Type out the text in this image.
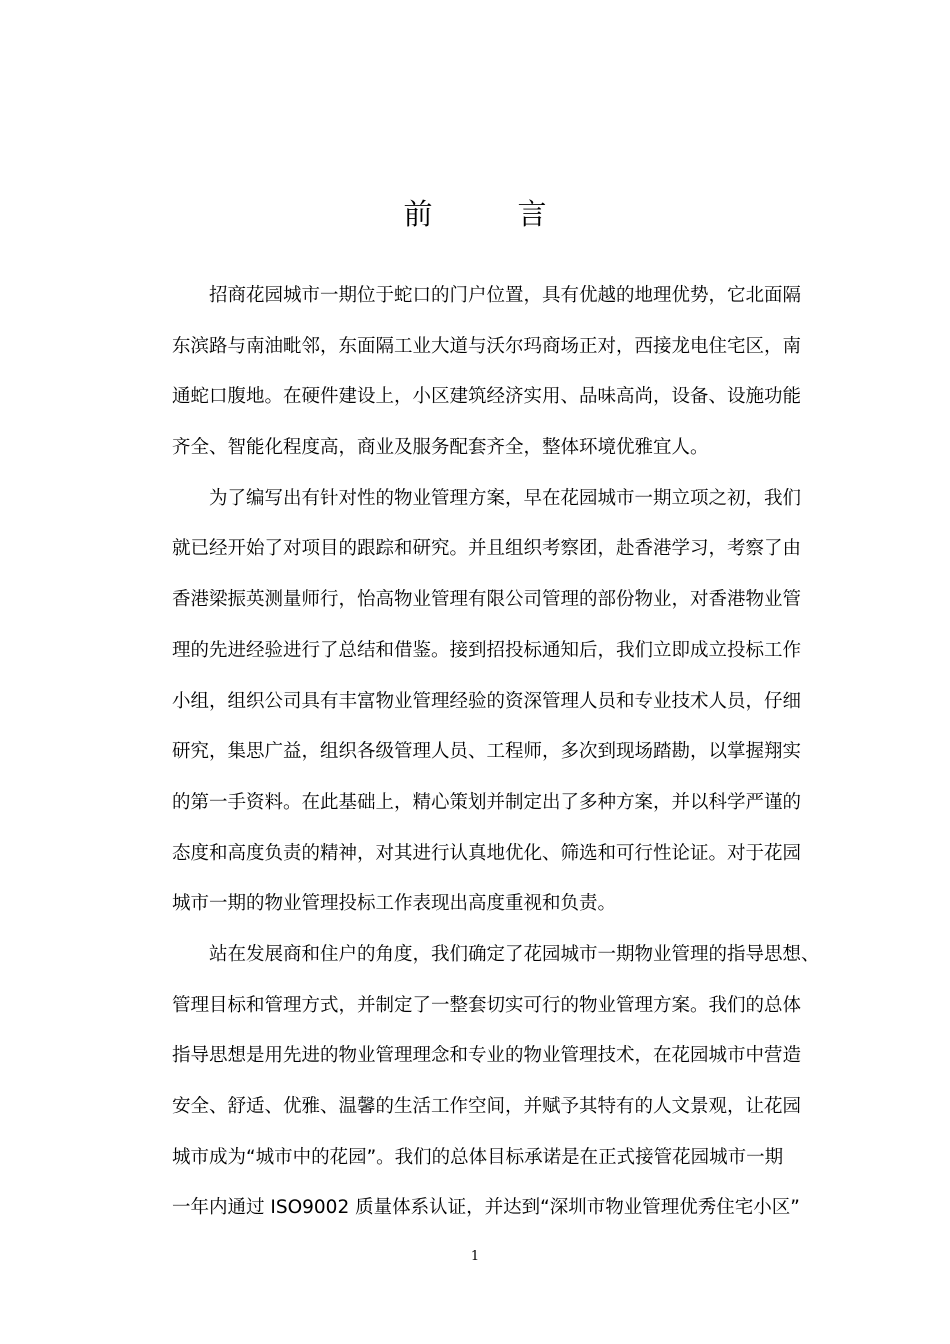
前　言
招商花园城市一期位于蛇口的门户位置，具有优越的地理优势，它北面隔
东滨路与南油毗邻，东面隔工业大道与沃尔玛商场正对，西接龙电住宅区，南
通蛇口腹地。在硬件建设上，小区建筑经济实用、品味高尚，设备、设施功能
齐全、智能化程度高，商业及服务配套齐全，整体环境优雅宜人。
为了编写出有针对性的物业管理方案，早在花园城市一期立项之初，我们
就已经开始了对项目的跟踪和研究。并且组织考察团，赴香港学习，考察了由
香港梁振英测量师行，怡高物业管理有限公司管理的部份物业，对香港物业管
理的先进经验进行了总结和借鉴。接到招投标通知后，我们立即成立投标工作
小组，组织公司具有丰富物业管理经验的资深管理人员和专业技术人员，仔细
研究，集思广益，组织各级管理人员、工程师，多次到现场踏勘，以掌握翔实
的第一手资料。在此基础上，精心策划并制定出了多种方案，并以科学严谨的
态度和高度负责的精神，对其进行认真地优化、筛选和可行性论证。对于花园
城市一期的物业管理投标工作表现出高度重视和负责。
站在发展商和住户的角度，我们确定了花园城市一期物业管理的指导思想、
管理目标和管理方式，并制定了一整套切实可行的物业管理方案。我们的总体
指导思想是用先进的物业管理理念和专业的物业管理技术，在花园城市中营造
安全、舒适、优雅、温馨的生活工作空间，并赋予其特有的人文景观，让花园
城市成为“城市中的花园”。我们的总体目标承诺是在正式接管花园城市一期
一年内通过 ISO9002 质量体系认证，并达到“深圳市物业管理优秀住宅小区”
1
